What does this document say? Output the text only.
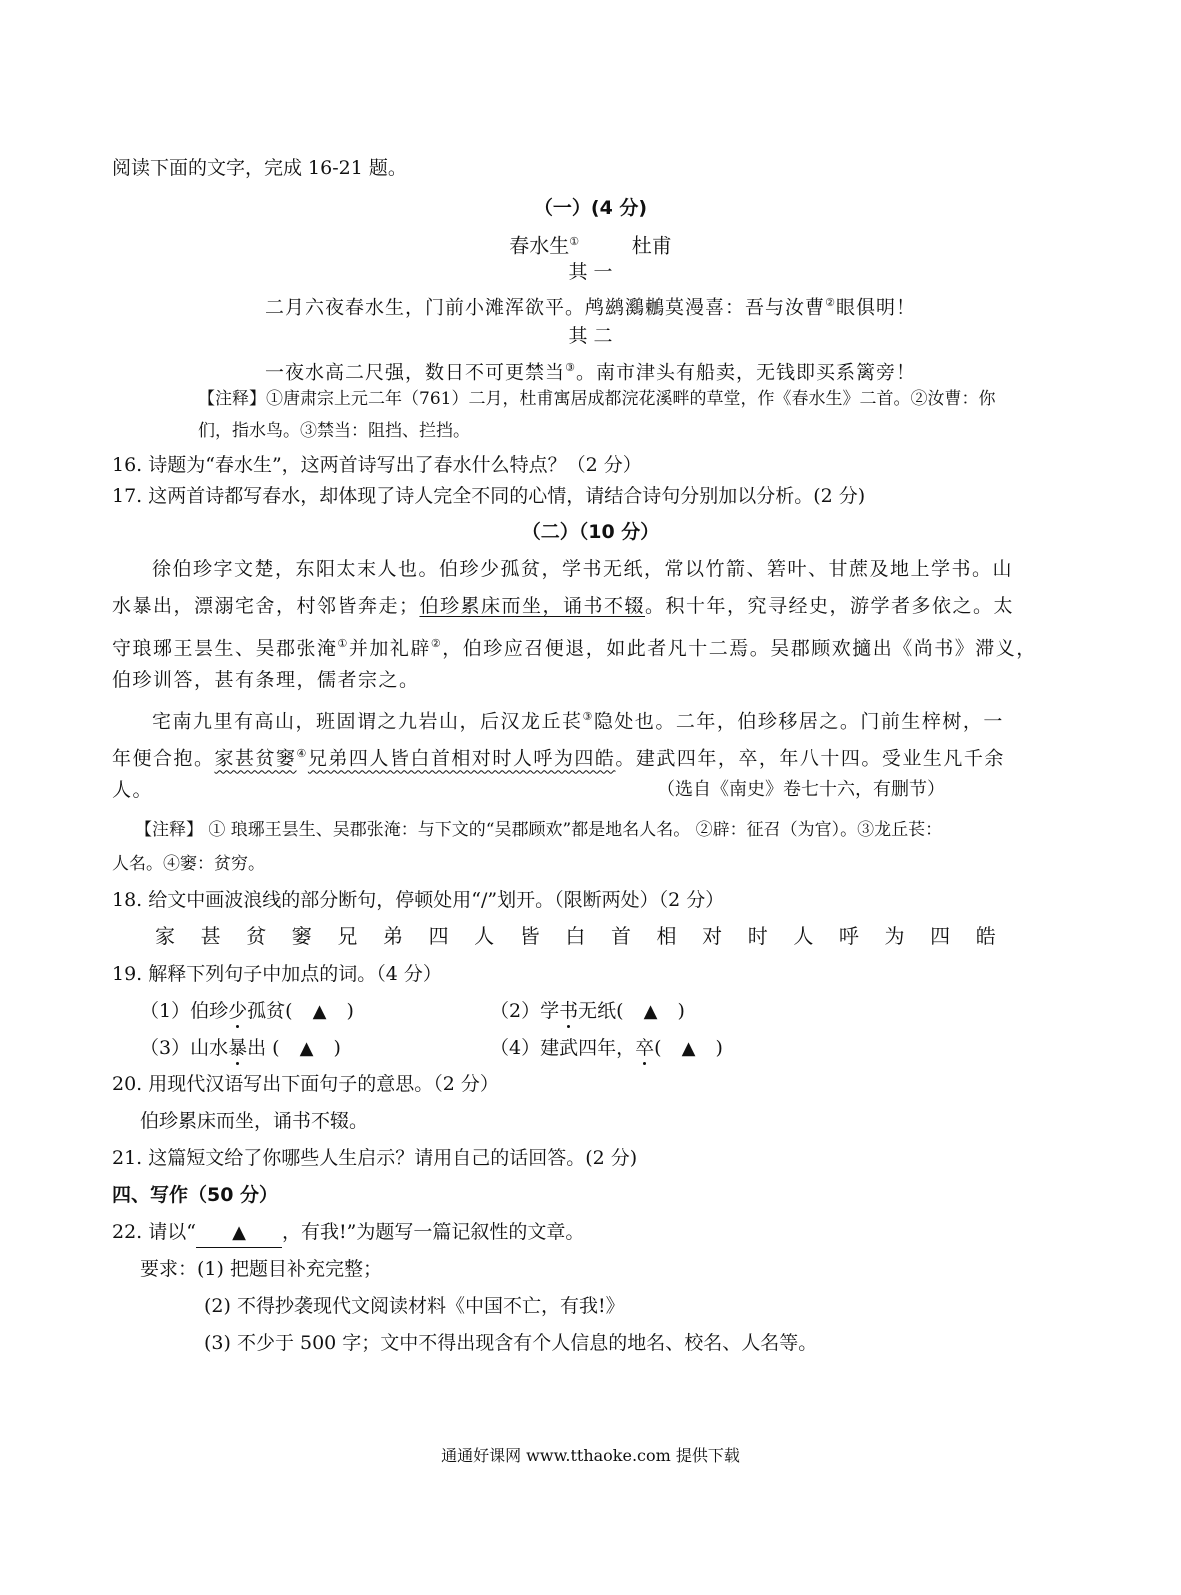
阅读下面的文字，完成 16-21 题。
（一）(4 分)
春水生①	杜甫
其 一
二月六夜春水生，门前小滩浑欲平。鸬鹚鸂鶒莫漫喜：吾与汝曹②眼俱明！
其 二
一夜水高二尺强，数日不可更禁当③。南市津头有船卖，无钱即买系篱旁！
【注释】①唐肃宗上元二年（761）二月，杜甫寓居成都浣花溪畔的草堂，作《春水生》二首。②汝曹：你
们，指水鸟。③禁当：阻挡、拦挡。
16. 诗题为“春水生”，这两首诗写出了春水什么特点？（2 分）
17. 这两首诗都写春水，却体现了诗人完全不同的心情，请结合诗句分别加以分析。(2 分)
（二）（10 分）
徐伯珍字文楚，东阳太末人也。伯珍少孤贫，学书无纸，常以竹箭、箬叶、甘蔗及地上学书。山
水暴出，漂溺宅舍，村邻皆奔走；伯珍累床而坐，诵书不辍。积十年，究寻经史，游学者多依之。太
守琅琊王昙生、吴郡张淹①并加礼辟②，伯珍应召便退，如此者凡十二焉。吴郡顾欢擿出《尚书》滞义，
伯珍训答，甚有条理，儒者宗之。
宅南九里有高山，班固谓之九岩山，后汉龙丘苌③隐处也。二年，伯珍移居之。门前生梓树，一
年便合抱。家甚贫窭④兄弟四人皆白首相对时人呼为四皓。建武四年，卒，年八十四。受业生凡千余
人。	（选自《南史》卷七十六，有删节）
【注释】 ① 琅琊王昙生、吴郡张淹：与下文的“吴郡顾欢”都是地名人名。 ②辟：征召（为官）。③龙丘苌：
人名。④窭：贫穷。
18. 给文中画波浪线的部分断句，停顿处用“/”划开。（限断两处）（2 分）
家	甚	贫	窭	兄	弟	四	人	皆	白	首	相	对	时	人	呼	为	四	皓
19. 解释下列句子中加点的词。（4 分）
（1）伯珍少孤贫( ▲ )	（2）学书无纸( ▲ )
（3）山水暴出 ( ▲ )	（4）建武四年，卒( ▲ )
20. 用现代汉语写出下面句子的意思。（2 分）
伯珍累床而坐，诵书不辍。
21. 这篇短文给了你哪些人生启示？请用自己的话回答。(2 分)
四、写作（50 分）
22. 请以“ ▲ ，有我!”为题写一篇记叙性的文章。
要求：(1) 把题目补充完整；
(2) 不得抄袭现代文阅读材料《中国不亡，有我!》
(3) 不少于 500 字；文中不得出现含有个人信息的地名、校名、人名等。
通通好课网 www.tthaoke.com 提供下载
